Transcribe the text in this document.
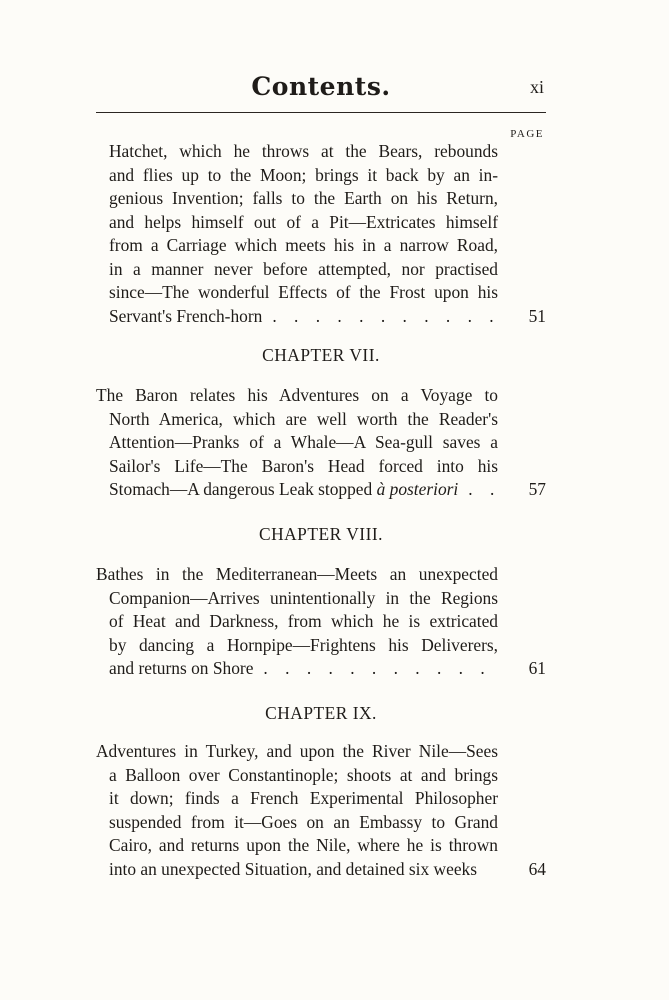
Contents.	xi
PAGE
Hatchet, which he throws at the Bears, rebounds
and flies up to the Moon; brings it back by an in-
genious Invention; falls to the Earth on his Return,
and helps himself out of a Pit—Extricates himself
from a Carriage which meets his in a narrow Road,
in a manner never before attempted, nor practised
since—The wonderful Effects of the Frost upon his
Servant's French-horn . . .	51
CHAPTER VII.
The Baron relates his Adventures on a Voyage to
North America, which are well worth the Reader's
Attention—Pranks of a Whale—A Sea-gull saves a
Sailor's Life—The Baron's Head forced into his
Stomach—A dangerous Leak stopped à posteriori . . .	57
CHAPTER VIII.
Bathes in the Mediterranean—Meets an unexpected
Companion—Arrives unintentionally in the Regions
of Heat and Darkness, from which he is extricated
by dancing a Hornpipe—Frightens his Deliverers,
and returns on Shore . . .	61
CHAPTER IX.
Adventures in Turkey, and upon the River Nile—Sees
a Balloon over Constantinople; shoots at and brings
it down; finds a French Experimental Philosopher
suspended from it—Goes on an Embassy to Grand
Cairo, and returns upon the Nile, where he is thrown
into an unexpected Situation, and detained six weeks	64
